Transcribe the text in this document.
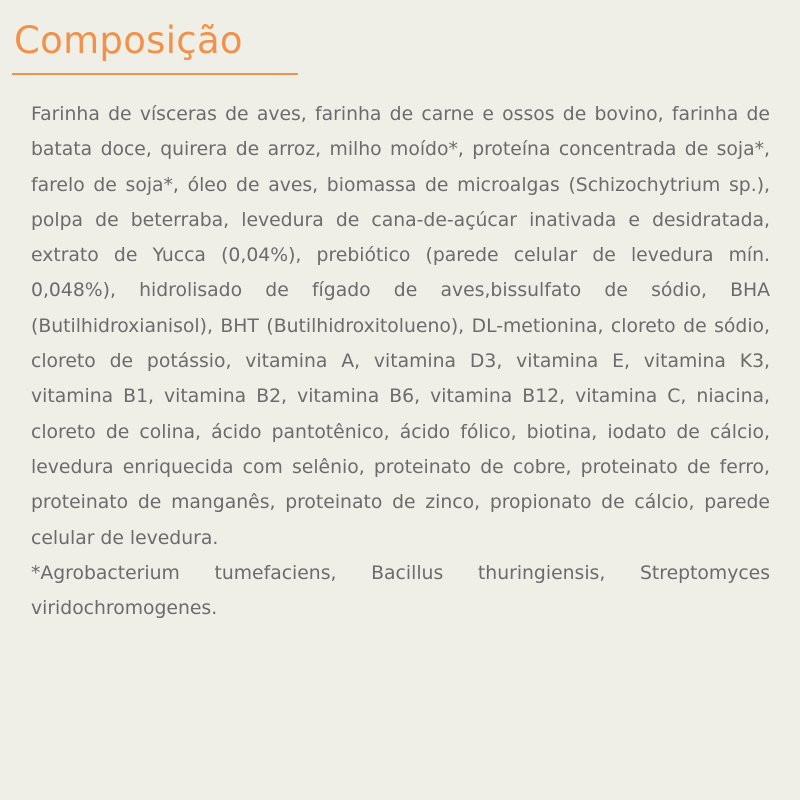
Composição

Farinha de vísceras de aves, farinha de carne e ossos de bovino, farinha de batata doce, quirera de arroz, milho moído*, proteína concentrada de soja*, farelo de soja*, óleo de aves, biomassa de microalgas (Schizochytrium sp.), polpa de beterraba, levedura de cana-de-açúcar inativada e desidratada, extrato de Yucca (0,04%), prebiótico (parede celular de levedura mín. 0,048%), hidrolisado de fígado de aves,bissulfato de sódio, BHA (Butilhidroxianisol), BHT (Butilhidroxitolueno), DL-metionina, cloreto de sódio, cloreto de potássio, vitamina A, vitamina D3, vitamina E, vitamina K3, vitamina B1, vitamina B2, vitamina B6, vitamina B12, vitamina C, niacina, cloreto de colina, ácido pantotênico, ácido fólico, biotina, iodato de cálcio, levedura enriquecida com selênio, proteinato de cobre, proteinato de ferro, proteinato de manganês, proteinato de zinco, propionato de cálcio, parede celular de levedura.

*Agrobacterium tumefaciens, Bacillus thuringiensis, Streptomyces viridochromogenes.
